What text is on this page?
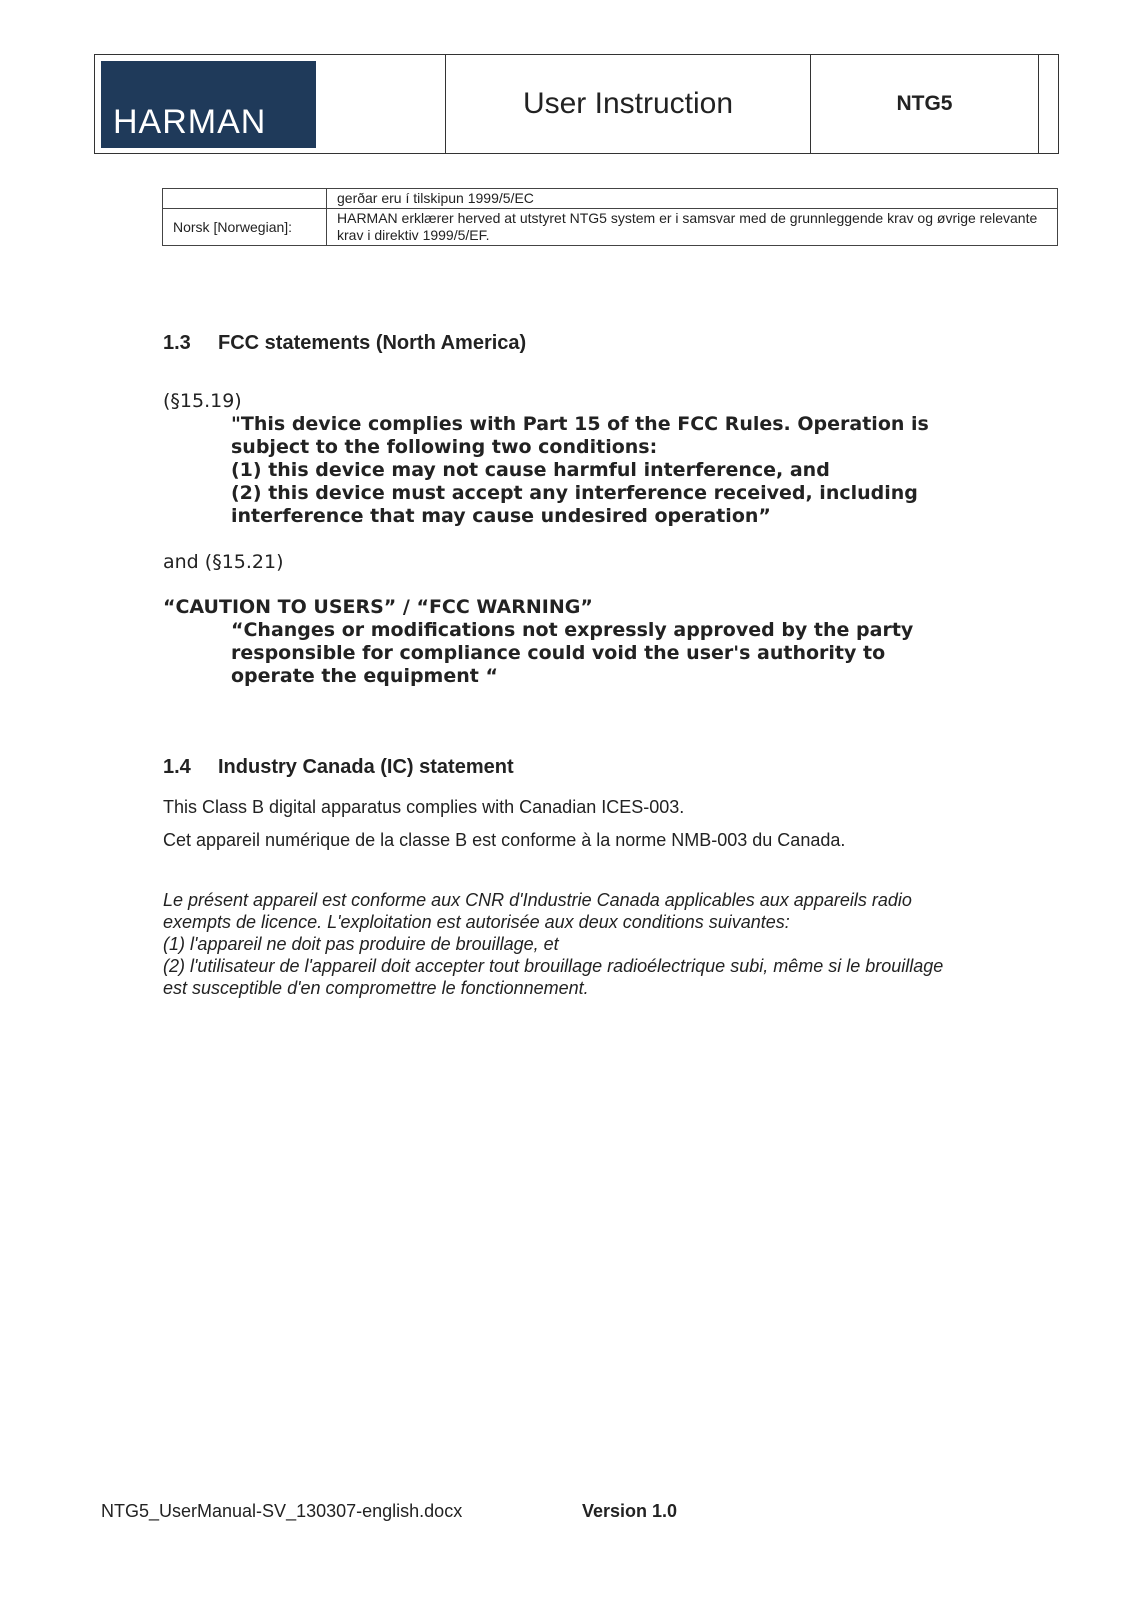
HARMAN	User Instruction	NTG5
	gerðar eru í tilskipun 1999/5/EC
Norsk [Norwegian]:	HARMAN erklærer herved at utstyret NTG5 system er i samsvar med de grunnleggende krav og øvrige relevante krav i direktiv 1999/5/EF.
1.3 FCC statements (North America)
(§15.19)
"This device complies with Part 15 of the FCC Rules. Operation is
subject to the following two conditions:
(1) this device may not cause harmful interference, and
(2) this device must accept any interference received, including
interference that may cause undesired operation”
and (§15.21)
“CAUTION TO USERS” / “FCC WARNING”
“Changes or modifications not expressly approved by the party
responsible for compliance could void the user's authority to
operate the equipment “
1.4 Industry Canada (IC) statement
This Class B digital apparatus complies with Canadian ICES-003.
Cet appareil numérique de la classe B est conforme à la norme NMB-003 du Canada.
Le présent appareil est conforme aux CNR d'Industrie Canada applicables aux appareils radio
exempts de licence. L'exploitation est autorisée aux deux conditions suivantes:
(1) l'appareil ne doit pas produire de brouillage, et
(2) l'utilisateur de l'appareil doit accepter tout brouillage radioélectrique subi, même si le brouillage
est susceptible d'en compromettre le fonctionnement.
NTG5_UserManual-SV_130307-english.docx	Version 1.0
